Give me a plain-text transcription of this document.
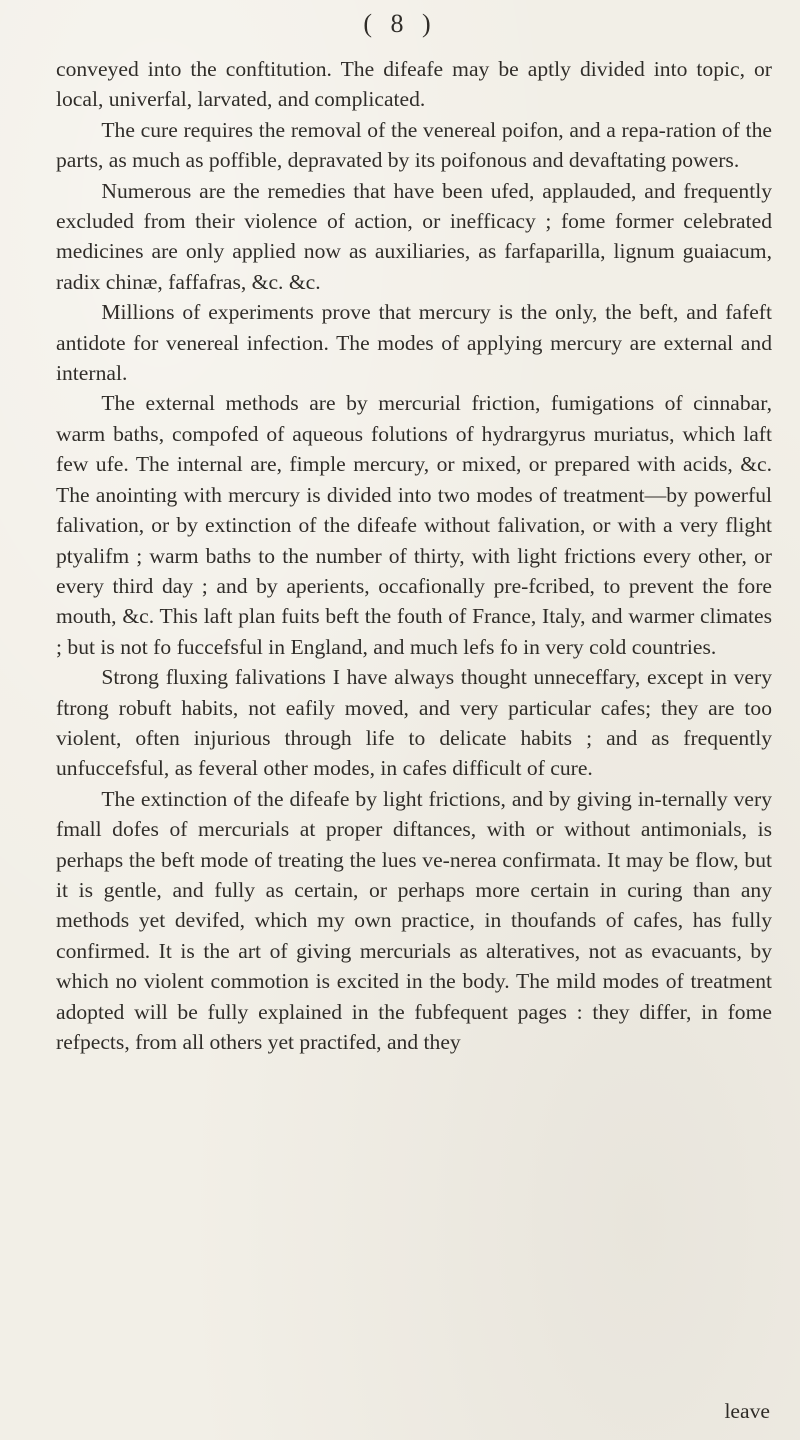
( 8 )

conveyed into the conftitution. The difeafe may be aptly divided into topic, or local, univerfal, larvated, and complicated.

The cure requires the removal of the venereal poifon, and a repa-ration of the parts, as much as poffible, depravated by its poifonous and devaftating powers.

Numerous are the remedies that have been ufed, applauded, and frequently excluded from their violence of action, or inefficacy ; fome former celebrated medicines are only applied now as auxiliaries, as farfaparilla, lignum guaiacum, radix chinæ, faffafras, &c. &c.

Millions of experiments prove that mercury is the only, the beft, and fafeft antidote for venereal infection. The modes of applying mercury are external and internal.

The external methods are by mercurial friction, fumigations of cinnabar, warm baths, compofed of aqueous folutions of hydrargyrus muriatus, which laft few ufe. The internal are, fimple mercury, or mixed, or prepared with acids, &c. The anointing with mercury is divided into two modes of treatment—by powerful falivation, or by extinction of the difeafe without falivation, or with a very flight ptyalifm ; warm baths to the number of thirty, with light frictions every other, or every third day ; and by aperients, occafionally pre-fcribed, to prevent the fore mouth, &c. This laft plan fuits beft the fouth of France, Italy, and warmer climates ; but is not fo fuccefsful in England, and much lefs fo in very cold countries.

Strong fluxing falivations I have always thought unneceffary, except in very ftrong robuft habits, not eafily moved, and very particular cafes; they are too violent, often injurious through life to delicate habits ; and as frequently unfuccefsful, as feveral other modes, in cafes difficult of cure.

The extinction of the difeafe by light frictions, and by giving in-ternally very fmall dofes of mercurials at proper diftances, with or without antimonials, is perhaps the beft mode of treating the lues ve-nerea confirmata. It may be flow, but it is gentle, and fully as certain, or perhaps more certain in curing than any methods yet devifed, which my own practice, in thoufands of cafes, has fully confirmed. It is the art of giving mercurials as alteratives, not as evacuants, by which no violent commotion is excited in the body. The mild modes of treatment adopted will be fully explained in the fubfequent pages : they differ, in fome refpects, from all others yet practifed, and they

leave
